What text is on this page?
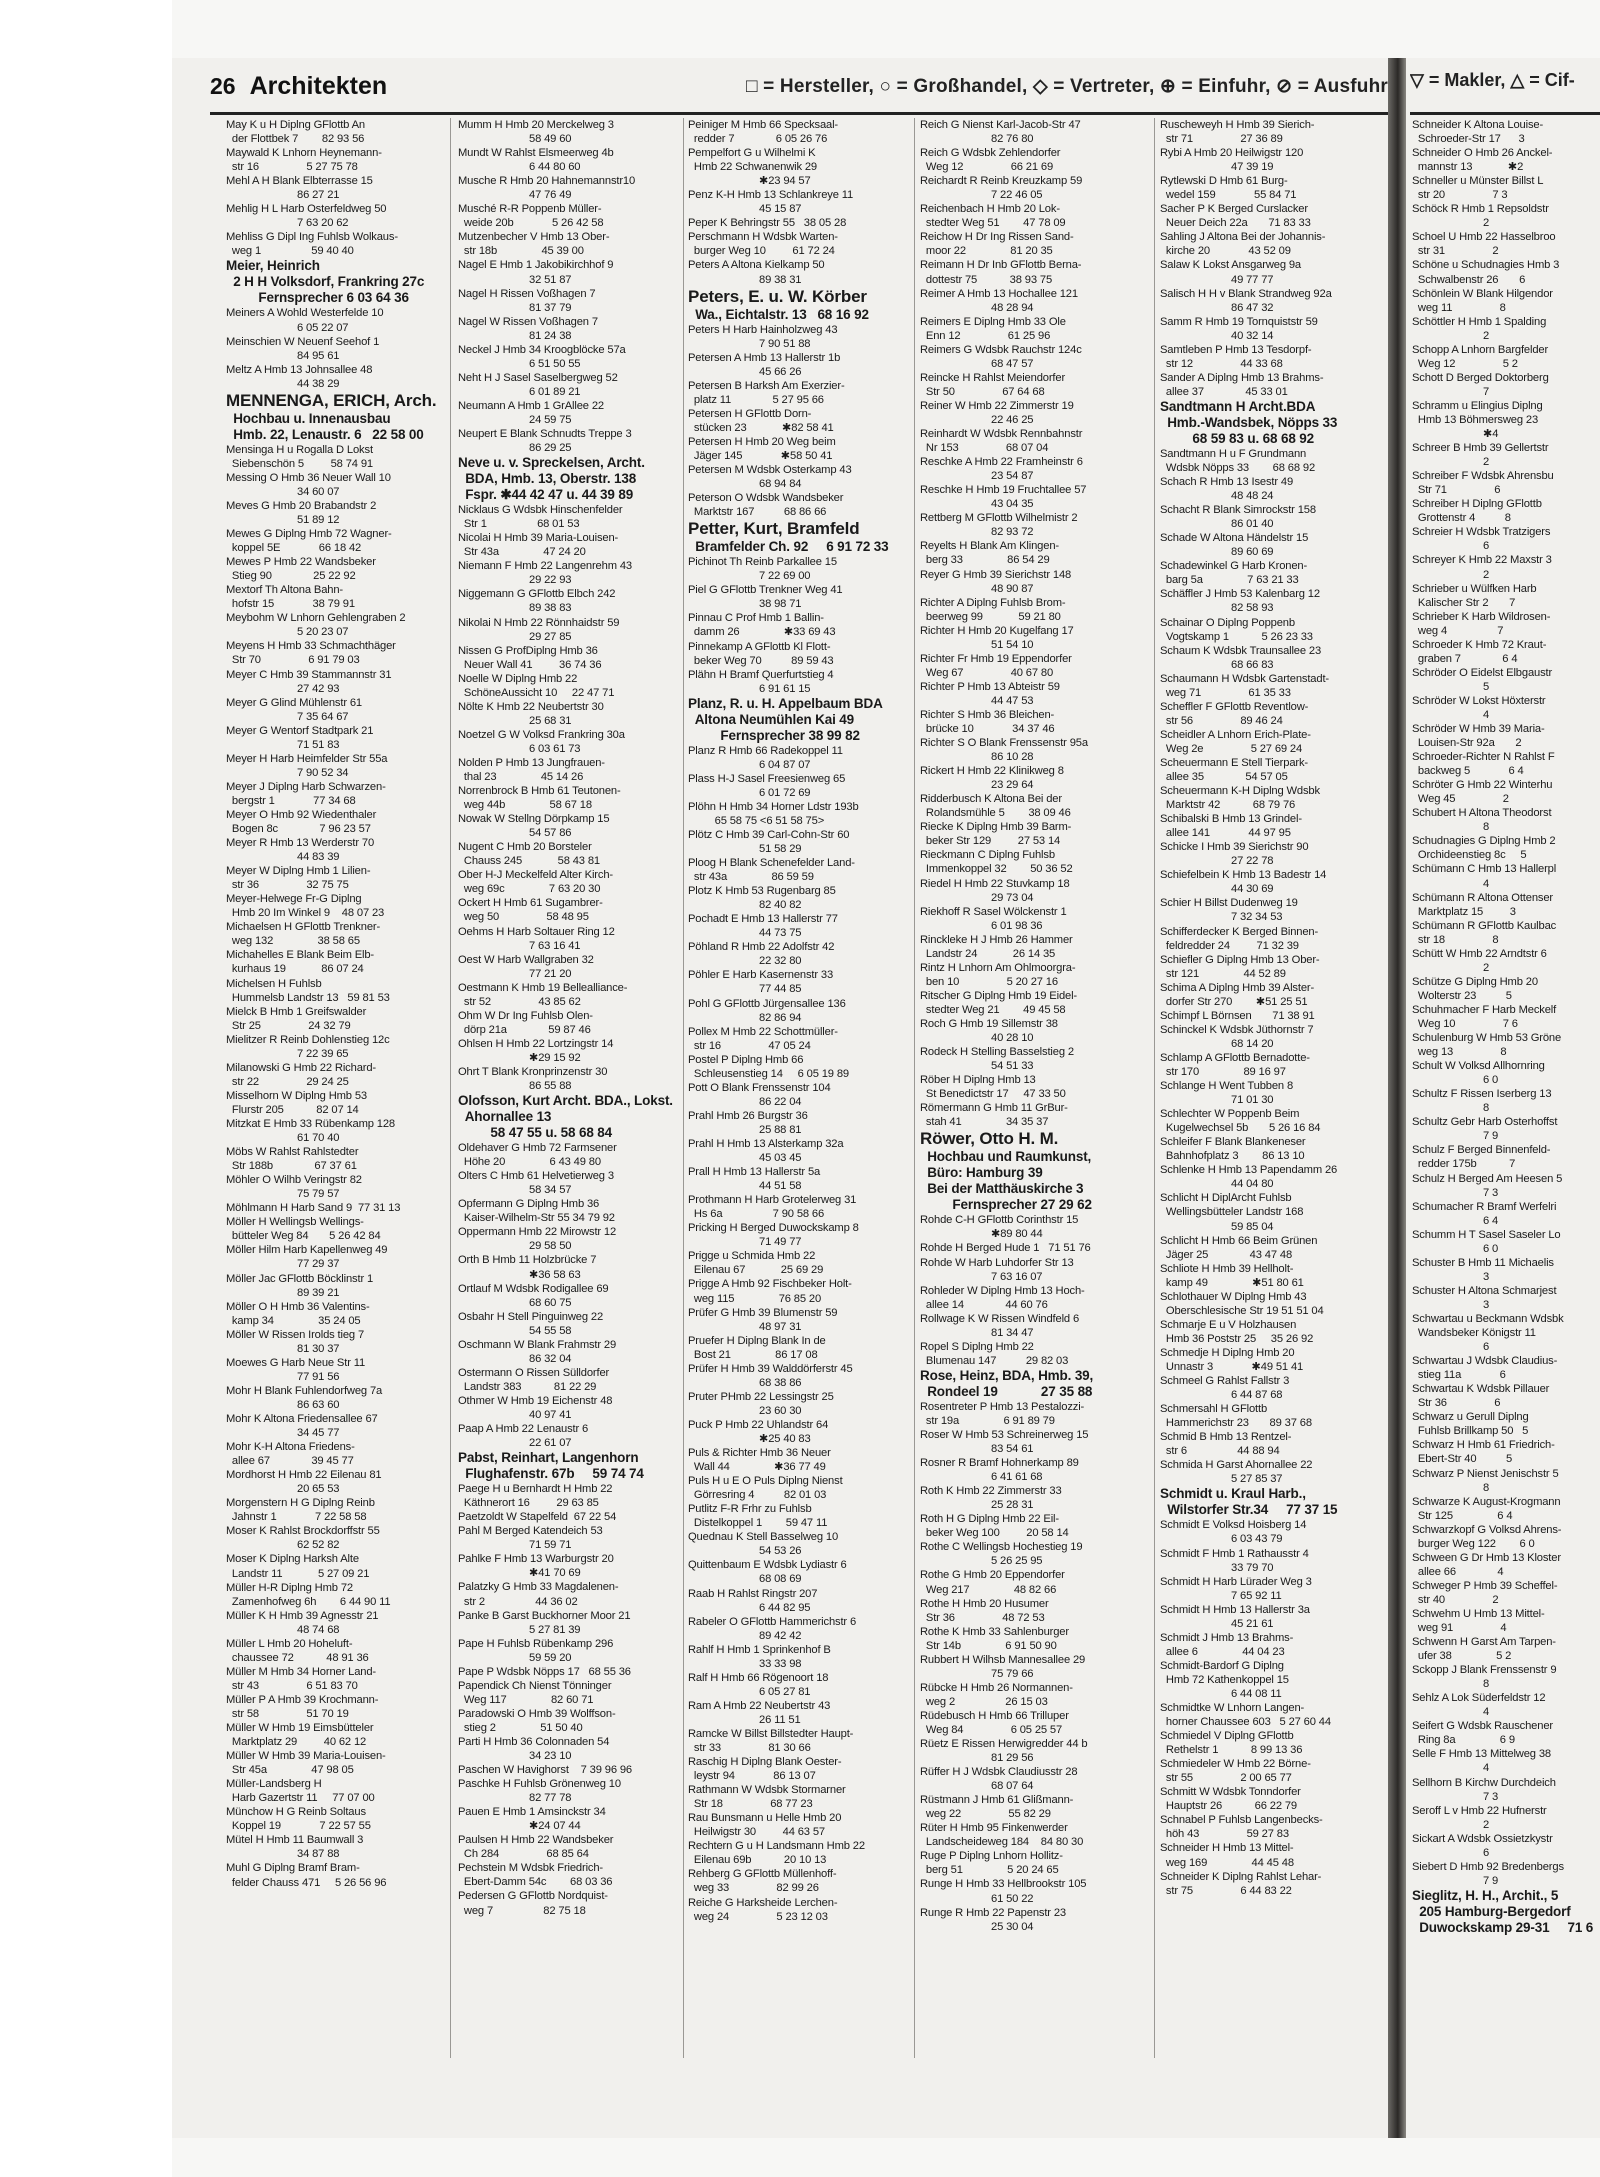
26 Architekten	□ = Hersteller, ○ = Großhandel, ◇ = Vertreter, ⊕ = Einfuhr, ⊘ = Ausfuhr ▽ = Makler, △ = Cif-
May K u H Diplng GFlottb An
der Flottbek 7        82 93 56
Maywald K Lnhorn Heynemann-
str 16                5 27 75 78
Mehl A H Blank Elbterrasse 15
86 27 21
Mehlig H L Harb Osterfeldweg 50
7 63 20 62
Mehliss G Dipl Ing Fuhlsb Wolkaus-
weg 1                 59 40 40
Meier, Heinrich
2 H H Volksdorf, Frankring 27c
Fernsprecher 6 03 64 36
Meiners A Wohld Westerfelde 10
6 05 22 07
Meinschien W Neuenf Seehof 1
84 95 61
Meltz A Hmb 13 Johnsallee 48
44 38 29
MENNENGA, ERICH, Arch.
Hochbau u. Innenausbau
Hmb. 22, Lenaustr. 6   22 58 00
Mensinga H u Rogalla D Lokst
Siebenschön 5         58 74 91
Messing O Hmb 36 Neuer Wall 10
34 60 07
Meves G Hmb 20 Brabandstr 2
51 89 12
Mewes G Diplng Hmb 72 Wagner-
koppel 5E             66 18 42
Mewes P Hmb 22 Wandsbeker
Stieg 90              25 22 92
Mextorf Th Altona Bahn-
hofstr 15             38 79 91
Meybohm W Lnhorn Gehlengraben 2
5 20 23 07
Meyens H Hmb 33 Schmachthäger
Str 70                6 91 79 03
Meyer C Hmb 39 Stammannstr 31
27 42 93
Meyer G Glind Mühlenstr 61
7 35 64 67
Meyer G Wentorf Stadtpark 21
71 51 83
Meyer H Harb Heimfelder Str 55a
7 90 52 34
Meyer J Diplng Harb Schwarzen-
bergstr 1             77 34 68
Meyer O Hmb 92 Wiedenthaler
Bogen 8c              7 96 23 57
Meyer R Hmb 13 Werderstr 70
44 83 39
Meyer W Diplng Hmb 1 Lilien-
str 36                32 75 75
Meyer-Helwege Fr-G Diplng
Hmb 20 Im Winkel 9    48 07 23
Michaelsen H GFlottb Trenkner-
weg 132               38 58 65
Michahelles E Blank Beim Elb-
kurhaus 19            86 07 24
Michelsen H Fuhlsb
Hummelsb Landstr 13   59 81 53
Mielck B Hmb 1 Greifswalder
Str 25                24 32 79
Mielitzer R Reinb Dohlenstieg 12c
7 22 39 65
Milanowski G Hmb 22 Richard-
str 22                29 24 25
Misselhorn W Diplng Hmb 53
Flurstr 205           82 07 14
Mitzkat E Hmb 33 Rübenkamp 128
61 70 40
Möbs W Rahlst Rahlstedter
Str 188b              67 37 61
Möhler O Wilhb Veringstr 82
75 79 57
Möhlmann H Harb Sand 9  77 31 13
Möller H Wellingsb Wellings-
bütteler Weg 84       5 26 42 84
Möller Hilm Harb Kapellenweg 49
77 29 37
Möller Jac GFlottb Böcklinstr 1
89 39 21
Möller O H Hmb 36 Valentins-
kamp 34               35 24 05
Möller W Rissen Irolds tieg 7
81 30 37
Moewes G Harb Neue Str 11
77 91 56
Mohr H Blank Fuhlendorfweg 7a
86 63 60
Mohr K Altona Friedensallee 67
34 45 77
Mohr K-H Altona Friedens-
allee 67              39 45 77
Mordhorst H Hmb 22 Eilenau 81
20 65 53
Morgenstern H G Diplng Reinb
Jahnstr 1             7 22 58 58
Moser K Rahlst Brockdorffstr 55
62 52 82
Moser K Diplng Harksh Alte
Landstr 11            5 27 09 21
Müller H-R Diplng Hmb 72
Zamenhofweg 6h        6 44 90 11
Müller K H Hmb 39 Agnesstr 21
48 74 68
Müller L Hmb 20 Hoheluft-
chaussee 72           48 91 36
Müller M Hmb 34 Horner Land-
str 43                6 51 83 70
Müller P A Hmb 39 Krochmann-
str 58                51 70 19
Müller W Hmb 19 Eimsbütteler
Marktplatz 29         40 62 12
Müller W Hmb 39 Maria-Louisen-
Str 45a               47 98 05
Müller-Landsberg H
Harb Gazertstr 11     77 07 00
Münchow H G Reinb Soltaus
Koppel 19             7 22 57 55
Mütel H Hmb 11 Baumwall 3
34 87 88
Muhl G Diplng Bramf Bram-
felder Chauss 471     5 26 56 96
Mumm H Hmb 20 Merckelweg 3
58 49 60
Mundt W Rahlst Elsmeerweg 4b
6 44 80 60
Musche R Hmb 20 Hahnemannstr10
47 76 49
Musché R-R Poppenb Müller-
weide 20b             5 26 42 58
Mutzenbecher V Hmb 13 Ober-
str 18b               45 39 00
Nagel E Hmb 1 Jakobikirchhof 9
32 51 87
Nagel H Rissen Voßhagen 7
81 37 79
Nagel W Rissen Voßhagen 7
81 24 38
Neckel J Hmb 34 Kroogblöcke 57a
6 51 50 55
Neht H J Sasel Saselbergweg 52
6 01 89 21
Neumann A Hmb 1 GrAllee 22
24 59 75
Neupert E Blank Schnudts Treppe 3
86 29 25
Neve u. v. Spreckelsen, Archt.
BDA, Hmb. 13, Oberstr. 138
Fspr. ✱44 42 47 u. 44 39 89
Nicklaus G Wdsbk Hinschenfelder
Str 1                 68 01 53
Nicolai H Hmb 39 Maria-Louisen-
Str 43a               47 24 20
Niemann F Hmb 22 Langenrehm 43
29 22 93
Niggemann G GFlottb Elbch 242
89 38 83
Nikolai N Hmb 22 Rönnhaidstr 59
29 27 85
Nissen G ProfDiplng Hmb 36
Neuer Wall 41         36 74 36
Noelle W Diplng Hmb 22
SchöneAussicht 10     22 47 71
Nölte K Hmb 22 Neubertstr 30
25 68 31
Noetzel G W Volksd Frankring 30a
6 03 61 73
Nolden P Hmb 13 Jungfrauen-
thal 23               45 14 26
Norrenbrock B Hmb 61 Teutonen-
weg 44b               58 67 18
Nowak W Stellng Dörpkamp 15
54 57 86
Nugent C Hmb 20 Borsteler
Chauss 245            58 43 81
Ober H-J Meckelfeld Alter Kirch-
weg 69c               7 63 20 30
Ockert H Hmb 61 Sugambrer-
weg 50                58 48 95
Oehms H Harb Soltauer Ring 12
7 63 16 41
Oest W Harb Wallgraben 32
77 21 20
Oestmann K Hmb 19 Bellealliance-
str 52                43 85 62
Ohm W Dr Ing Fuhlsb Olen-
dörp 21a              59 87 46
Ohlsen H Hmb 22 Lortzingstr 14
✱29 15 92
Ohrt T Blank Kronprinzenstr 30
86 55 88
Olofsson, Kurt Archt. BDA., Lokst.
Ahornallee 13
58 47 55 u. 58 68 84
Oldehaver G Hmb 72 Farmsener
Höhe 20               6 43 49 80
Olters C Hmb 61 Helvetierweg 3
58 34 57
Opfermann G Diplng Hmb 36
Kaiser-Wilhelm-Str 55 34 79 92
Oppermann Hmb 22 Mirowstr 12
29 58 50
Orth B Hmb 11 Holzbrücke 7
✱36 58 63
Ortlauf M Wdsbk Rodigallee 69
68 60 75
Osbahr H Stell Pinguinweg 22
54 55 58
Oschmann W Blank Frahmstr 29
86 32 04
Ostermann O Rissen Sülldorfer
Landstr 383           81 22 29
Othmer W Hmb 19 Eichenstr 48
40 97 41
Paap A Hmb 22 Lenaustr 6
22 61 07
Pabst, Reinhart, Langenhorn
Flughafenstr. 67b     59 74 74
Paege H u Bernhardt H Hmb 22
Käthnerort 16         29 63 85
Paetzoldt W Stapelfeld  67 22 54
Pahl M Berged Katendeich 53
71 59 71
Pahlke F Hmb 13 Warburgstr 20
✱41 70 69
Palatzky G Hmb 33 Magdalenen-
str 2                 44 36 02
Panke B Garst Buckhorner Moor 21
5 27 81 39
Pape H Fuhlsb Rübenkamp 296
59 59 20
Pape P Wdsbk Nöpps 17   68 55 36
Papendick Ch Nienst Tönninger
Weg 117               82 60 71
Paradowski O Hmb 39 Wolffson-
stieg 2               51 50 40
Parti H Hmb 36 Colonnaden 54
34 23 10
Paschen W Havighorst    7 39 96 96
Paschke H Fuhlsb Grönenweg 10
82 77 78
Pauen E Hmb 1 Amsinckstr 34
✱24 07 44
Paulsen H Hmb 22 Wandsbeker
Ch 284                68 85 64
Pechstein M Wdsbk Friedrich-
Ebert-Damm 54c        68 03 36
Pedersen G GFlottb Nordquist-
weg 7                 82 75 18
Peiniger M Hmb 66 Specksaal-
redder 7              6 05 26 76
Pempelfort G u Wilhelmi K
Hmb 22 Schwanenwik 29
✱23 94 57
Penz K-H Hmb 13 Schlankreye 11
45 15 87
Peper K Behringstr 55   38 05 28
Perschmann H Wdsbk Warten-
burger Weg 10         61 72 24
Peters A Altona Kielkamp 50
89 38 31
Peters, E. u. W. Körber
Wa., Eichtalstr. 13   68 16 92
Peters H Harb Hainholzweg 43
7 90 51 88
Petersen A Hmb 13 Hallerstr 1b
45 66 26
Petersen B Harksh Am Exerzier-
platz 11              5 27 95 66
Petersen H GFlottb Dorn-
stücken 23            ✱82 58 41
Petersen H Hmb 20 Weg beim
Jäger 145             ✱58 50 41
Petersen M Wdsbk Osterkamp 43
68 94 84
Peterson O Wdsbk Wandsbeker
Marktstr 167          68 86 66
Petter, Kurt, Bramfeld
Bramfelder Ch. 92     6 91 72 33
Pichinot Th Reinb Parkallee 15
7 22 69 00
Piel G GFlottb Trenkner Weg 41
38 98 71
Pinnau C Prof Hmb 1 Ballin-
damm 26               ✱33 69 43
Pinnekamp A GFlottb Kl Flott-
beker Weg 70          89 59 43
Plähn H Bramf Querfurtstieg 4
6 91 61 15
Planz, R. u. H. Appelbaum BDA
Altona Neumühlen Kai 49
Fernsprecher 38 99 82
Planz R Hmb 66 Radekoppel 11
6 04 87 07
Plass H-J Sasel Freesienweg 65
6 01 72 69
Plöhn H Hmb 34 Horner Ldstr 193b
65 58 75 <6 51 58 75>
Plötz C Hmb 39 Carl-Cohn-Str 60
51 58 29
Ploog H Blank Schenefelder Land-
str 43a               86 59 59
Plotz K Hmb 53 Rugenbarg 85
82 40 82
Pochadt E Hmb 13 Hallerstr 77
44 73 75
Pöhland R Hmb 22 Adolfstr 42
22 32 80
Pöhler E Harb Kasernenstr 33
77 44 85
Pohl G GFlottb Jürgensallee 136
82 86 94
Pollex M Hmb 22 Schottmüller-
str 16                47 05 24
Postel P Diplng Hmb 66
Schleusenstieg 14     6 05 19 89
Pott O Blank Frenssenstr 104
86 22 04
Prahl Hmb 26 Burgstr 36
25 88 81
Prahl H Hmb 13 Alsterkamp 32a
45 03 45
Prall H Hmb 13 Hallerstr 5a
44 51 58
Prothmann H Harb Grotelerweg 31
Hs 6a                 7 90 58 66
Pricking H Berged Duwockskamp 8
71 49 77
Prigge u Schmida Hmb 22
Eilenau 67            25 69 29
Prigge A Hmb 92 Fischbeker Holt-
weg 115               76 85 20
Prüfer G Hmb 39 Blumenstr 59
48 97 31
Pruefer H Diplng Blank In de
Bost 21               86 17 08
Prüfer H Hmb 39 Walddörferstr 45
68 38 86
Pruter PHmb 22 Lessingstr 25
23 60 30
Puck P Hmb 22 Uhlandstr 64
✱25 40 83
Puls & Richter Hmb 36 Neuer
Wall 44               ✱36 77 49
Puls H u E O Puls Diplng Nienst
Görresring 4          82 01 03
Putlitz F-R Frhr zu Fuhlsb
Distelkoppel 1        59 47 11
Quednau K Stell Basselweg 10
54 53 26
Quittenbaum E Wdsbk Lydiastr 6
68 08 69
Raab H Rahlst Ringstr 207
6 44 82 95
Rabeler O GFlottb Hammerichstr 6
89 42 42
Rahlf H Hmb 1 Sprinkenhof B
33 33 98
Ralf H Hmb 66 Rögenoort 18
6 05 27 81
Ram A Hmb 22 Neubertstr 43
26 11 51
Ramcke W Billst Billstedter Haupt-
str 33                81 30 66
Raschig H Diplng Blank Oester-
leystr 94             86 13 07
Rathmann W Wdsbk Stormarner
Str 18                68 77 23
Rau Bunsmann u Helle Hmb 20
Heilwigstr 30         44 63 57
Rechtern G u H Landsmann Hmb 22
Eilenau 69b           20 10 13
Rehberg G GFlottb Müllenhoff-
weg 33                82 99 26
Reiche G Harksheide Lerchen-
weg 24                5 23 12 03
Reich G Nienst Karl-Jacob-Str 47
82 76 80
Reich G Wdsbk Zehlendorfer
Weg 12                66 21 69
Reichardt R Reinb Kreuzkamp 59
7 22 46 05
Reichenbach H Hmb 20 Lok-
stedter Weg 51        47 78 09
Reichow H Dr Ing Rissen Sand-
moor 22               81 20 35
Reimann H Dr Inb GFlottb Berna-
dottestr 75           38 93 75
Reimer A Hmb 13 Hochallee 121
48 28 94
Reimers E Diplng Hmb 33 Ole
Enn 12                61 25 96
Reimers G Wdsbk Rauchstr 124c
68 47 57
Reincke H Rahlst Meiendorfer
Str 50                67 64 68
Reiner W Hmb 22 Zimmerstr 19
22 46 25
Reinhardt W Wdsbk Rennbahnstr
Nr 153                68 07 04
Reschke A Hmb 22 Framheinstr 6
23 54 87
Reschke H Hmb 19 Fruchtallee 57
43 04 35
Rettberg M GFlottb Wilhelmistr 2
82 93 72
Reyelts H Blank Am Klingen-
berg 33               86 54 29
Reyer G Hmb 39 Sierichstr 148
48 90 87
Richter A Diplng Fuhlsb Brom-
beerweg 99            59 21 80
Richter H Hmb 20 Kugelfang 17
51 54 10
Richter Fr Hmb 19 Eppendorfer
Weg 67                40 67 80
Richter P Hmb 13 Abteistr 59
44 47 53
Richter S Hmb 36 Bleichen-
brücke 10             34 37 46
Richter S O Blank Frenssenstr 95a
86 10 28
Rickert H Hmb 22 Klinikweg 8
23 29 64
Ridderbusch K Altona Bei der
Rolandsmühle 5        38 09 46
Riecke K Diplng Hmb 39 Barm-
beker Str 129         27 53 14
Rieckmann C Diplng Fuhlsb
Immenkoppel 32        50 36 52
Riedel H Hmb 22 Stuvkamp 18
29 73 04
Riekhoff R Sasel Wölckenstr 1
6 01 98 36
Rinckleke H J Hmb 26 Hammer
Landstr 24            26 14 35
Rintz H Lnhorn Am Ohlmoorgra-
ben 10                5 20 27 16
Ritscher G Diplng Hmb 19 Eidel-
stedter Weg 21        49 45 58
Roch G Hmb 19 Sillemstr 38
40 28 10
Rodeck H Stelling Basselstieg 2
54 51 33
Röber H Diplng Hmb 13
St Benedictstr 17     47 33 50
Römermann G Hmb 11 GrBur-
stah 41               34 35 37
Röwer, Otto H. M.
Hochbau und Raumkunst,
Büro: Hamburg 39
Bei der Matthäuskirche 3
Fernsprecher 27 29 62
Rohde C-H GFlottb Corinthstr 15
✱89 80 44
Rohde H Berged Hude 1   71 51 76
Rohde W Harb Luhdorfer Str 13
7 63 16 07
Rohleder W Diplng Hmb 13 Hoch-
allee 14              44 60 76
Rollwage K W Rissen Windfeld 6
81 34 47
Ropel S Diplng Hmb 22
Blumenau 147          29 82 03
Rose, Heinz, BDA, Hmb. 39,
Rondeel 19            27 35 88
Rosentreter P Hmb 13 Pestalozzi-
str 19a               6 91 89 79
Roser W Hmb 53 Schreinerweg 15
83 54 61
Rosner R Bramf Hohnerkamp 89
6 41 61 68
Roth K Hmb 22 Zimmerstr 33
25 28 31
Roth H G Diplng Hmb 22 Eil-
beker Weg 100         20 58 14
Rothe C Wellingsb Hochestieg 19
5 26 25 95
Rothe G Hmb 20 Eppendorfer
Weg 217               48 82 66
Rothe H Hmb 20 Husumer
Str 36                48 72 53
Rothe K Hmb 33 Sahlenburger
Str 14b               6 91 50 90
Rubbert H Wilhsb Mannesallee 29
75 79 66
Rübcke H Hmb 26 Normannen-
weg 2                 26 15 03
Rüdebusch H Hmb 66 Trilluper
Weg 84                6 05 25 57
Rüetz E Rissen Herwigredder 44 b
81 29 56
Rüffer H J Wdsbk Claudiusstr 28
68 07 64
Rüstmann J Hmb 61 Glißmann-
weg 22                55 82 29
Rüter H Hmb 95 Finkenwerder
Landscheideweg 184    84 80 30
Ruge P Diplng Lnhorn Hollitz-
berg 51               5 20 24 65
Runge H Hmb 33 Hellbrookstr 105
61 50 22
Runge R Hmb 22 Papenstr 23
25 30 04
Ruscheweyh H Hmb 39 Sierich-
str 71                27 36 89
Rybi A Hmb 20 Heilwigstr 120
47 39 19
Rytlewski D Hmb 61 Burg-
wedel 159             55 84 71
Sacher P K Berged Curslacker
Neuer Deich 22a       71 83 33
Sahling J Altona Bei der Johannis-
kirche 20             43 52 09
Salaw K Lokst Ansgarweg 9a
49 77 77
Salisch H H v Blank Strandweg 92a
86 47 32
Samm R Hmb 19 Tornquiststr 59
40 32 14
Samtleben P Hmb 13 Tesdorpf-
str 12                44 33 68
Sander A Diplng Hmb 13 Brahms-
allee 37              45 33 01
Sandtmann H Archt.BDA
Hmb.-Wandsbek, Nöpps 33
68 59 83 u. 68 68 92
Sandtmann H u F Grundmann
Wdsbk Nöpps 33        68 68 92
Schach R Hmb 13 Isestr 49
48 48 24
Schacht R Blank Simrockstr 158
86 01 40
Schade W Altona Händelstr 15
89 60 69
Schadewinkel G Harb Kronen-
barg 5a               7 63 21 33
Schäffler J Hmb 53 Kalenbarg 12
82 58 93
Schainar O Diplng Poppenb
Vogtskamp 1           5 26 23 33
Schaum K Wdsbk Traunsallee 23
68 66 83
Schaumann H Wdsbk Gartenstadt-
weg 71                61 35 33
Scheffler F GFlottb Reventlow-
str 56                89 46 24
Scheidler A Lnhorn Erich-Plate-
Weg 2e                5 27 69 24
Scheuermann E Stell Tierpark-
allee 35              54 57 05
Scheuermann K-H Diplng Wdsbk
Marktstr 42           68 79 76
Schibalski B Hmb 13 Grindel-
allee 141             44 97 95
Schicke I Hmb 39 Sierichstr 90
27 22 78
Schiefelbein K Hmb 13 Badestr 14
44 30 69
Schier H Billst Dudenweg 19
7 32 34 53
Schifferdecker K Berged Binnen-
feldredder 24         71 32 39
Schiefler G Diplng Hmb 13 Ober-
str 121               44 52 89
Schima A Diplng Hmb 39 Alster-
dorfer Str 270        ✱51 25 51
Schimpf L Börnsen       71 38 91
Schinckel K Wdsbk Jüthornstr 7
68 14 20
Schlamp A GFlottb Bernadotte-
str 170               89 16 97
Schlange H Went Tubben 8
71 01 30
Schlechter W Poppenb Beim
Kugelwechsel 5b       5 26 16 84
Schleifer F Blank Blankeneser
Bahnhofplatz 3        86 13 10
Schlenke H Hmb 13 Papendamm 26
44 04 80
Schlicht H DiplArcht Fuhlsb
Wellingsbütteler Landstr 168
59 85 04
Schlicht H Hmb 66 Beim Grünen
Jäger 25              43 47 48
Schliote H Hmb 39 Hellholt-
kamp 49               ✱51 80 61
Schlothauer W Diplng Hmb 43
Oberschlesische Str 19 51 51 04
Schmarje E u V Holzhausen
Hmb 36 Poststr 25     35 26 92
Schmedje H Diplng Hmb 20
Unnastr 3             ✱49 51 41
Schmeel G Rahlst Fallstr 3
6 44 87 68
Schmersahl H GFlottb
Hammerichstr 23       89 37 68
Schmid B Hmb 13 Rentzel-
str 6                 44 88 94
Schmida H Garst Ahornallee 22
5 27 85 37
Schmidt u. Kraul Harb.,
Wilstorfer Str.34     77 37 15
Schmidt E Volksd Hoisberg 14
6 03 43 79
Schmidt F Hmb 1 Rathausstr 4
33 79 70
Schmidt H Harb Lürader Weg 3
7 65 92 11
Schmidt H Hmb 13 Hallerstr 3a
45 21 61
Schmidt J Hmb 13 Brahms-
allee 6               44 04 23
Schmidt-Bardorf G Diplng
Hmb 72 Kathenkoppel 15
6 44 08 11
Schmidtke W Lnhorn Langen-
horner Chaussee 603   5 27 60 44
Schmiedel V Diplng GFlottb
Rethelstr 1           8 99 13 36
Schmiedeler W Hmb 22 Börne-
str 55                2 00 65 77
Schmitt W Wdsbk Tonndorfer
Hauptstr 26           66 22 79
Schnabel P Fuhlsb Langenbecks-
höh 43                59 27 83
Schneider H Hmb 13 Mittel-
weg 169               44 45 48
Schneider K Diplng Rahlst Lehar-
str 75                6 44 83 22
Schneider K Altona Louise-
Schroeder-Str 17      3
Schneider O Hmb 26 Anckel-
mannstr 13            ✱2
Schneller u Münster Billst L
str 20                7 3
Schöck R Hmb 1 Repsoldstr
2
Schoel U Hmb 22 Hasselbroo
str 31                2
Schöne u Schudnagies Hmb 3
Schwalbenstr 26       6
Schönlein W Blank Hilgendor
weg 11                8
Schöttler H Hmb 1 Spalding
2
Schopp A Lnhorn Bargfelder
Weg 12                5 2
Schott D Berged Doktorberg
7
Schramm u Elingius Diplng
Hmb 13 Böhmersweg 23
✱4
Schreer B Hmb 39 Gellertstr
2
Schreiber F Wdsbk Ahrensbu
Str 71                6
Schreiber H Diplng GFlottb
Grottenstr 4          8
Schreier H Wdsbk Tratzigers
6
Schreyer K Hmb 22 Maxstr 3
2
Schrieber u Wülfken Harb
Kalischer Str 2       7
Schrieber K Harb Wildrosen-
weg 4                 7
Schroeder K Hmb 72 Kraut-
graben 7              6 4
Schröder O Eidelst Elbgaustr
5
Schröder W Lokst Höxterstr
4
Schröder W Hmb 39 Maria-
Louisen-Str 92a       2
Schroeder-Richter N Rahlst F
backweg 5             6 4
Schröter G Hmb 22 Winterhu
Weg 45                2
Schubert H Altona Theodorst
8
Schudnagies G Diplng Hmb 2
Orchideenstieg 8c     5
Schümann C Hmb 13 Hallerpl
4
Schümann R Altona Ottenser
Marktplatz 15         3
Schümann R GFlottb Kaulbac
str 18                8
Schütt W Hmb 22 Arndtstr 6
2
Schütze G Diplng Hmb 20
Wolterstr 23          5
Schuhmacher F Harb Meckelf
Weg 10                7 6
Schulenburg W Hmb 53 Gröne
weg 13                8
Schult W Volksd Allhornring
6 0
Schultz F Rissen Iserberg 13
8
Schultz Gebr Harb Osterhoffst
7 9
Schulz F Berged Binnenfeld-
redder 175b           7
Schulz H Berged Am Heesen 5
7 3
Schumacher R Bramf Werfelri
6 4
Schumm H T Sasel Saseler Lo
6 0
Schuster B Hmb 11 Michaelis
3
Schuster H Altona Schmarjest
3
Schwartau u Beckmann Wdsbk
Wandsbeker Königstr 11
6
Schwartau J Wdsbk Claudius-
stieg 11a             6
Schwartau K Wdsbk Pillauer
Str 36                6
Schwarz u Gerull Diplng
Fuhlsb Brillkamp 50   5
Schwarz H Hmb 61 Friedrich-
Ebert-Str 40          5
Schwarz P Nienst Jenischstr 5
8
Schwarze K August-Krogmann
Str 125               6 4
Schwarzkopf G Volksd Ahrens-
burger Weg 122        6 0
Schween G Dr Hmb 13 Kloster
allee 66              4
Schweger P Hmb 39 Scheffel-
str 40                2
Schwehm U Hmb 13 Mittel-
weg 91                4
Schwenn H Garst Am Tarpen-
ufer 38               5 2
Sckopp J Blank Frenssenstr 9
8
Sehlz A Lok Süderfeldstr 12
4
Seifert G Wdsbk Rauschener
Ring 8a               6 9
Selle F Hmb 13 Mittelweg 38
4
Sellhorn B Kirchw Durchdeich
7 3
Seroff L v Hmb 22 Hufnerstr
2
Sickart A Wdsbk Ossietzkystr
6
Siebert D Hmb 92 Bredenbergs
7 9
Sieglitz, H. H., Archit., 5
205 Hamburg-Bergedorf
Duwockskamp 29-31     71 6
